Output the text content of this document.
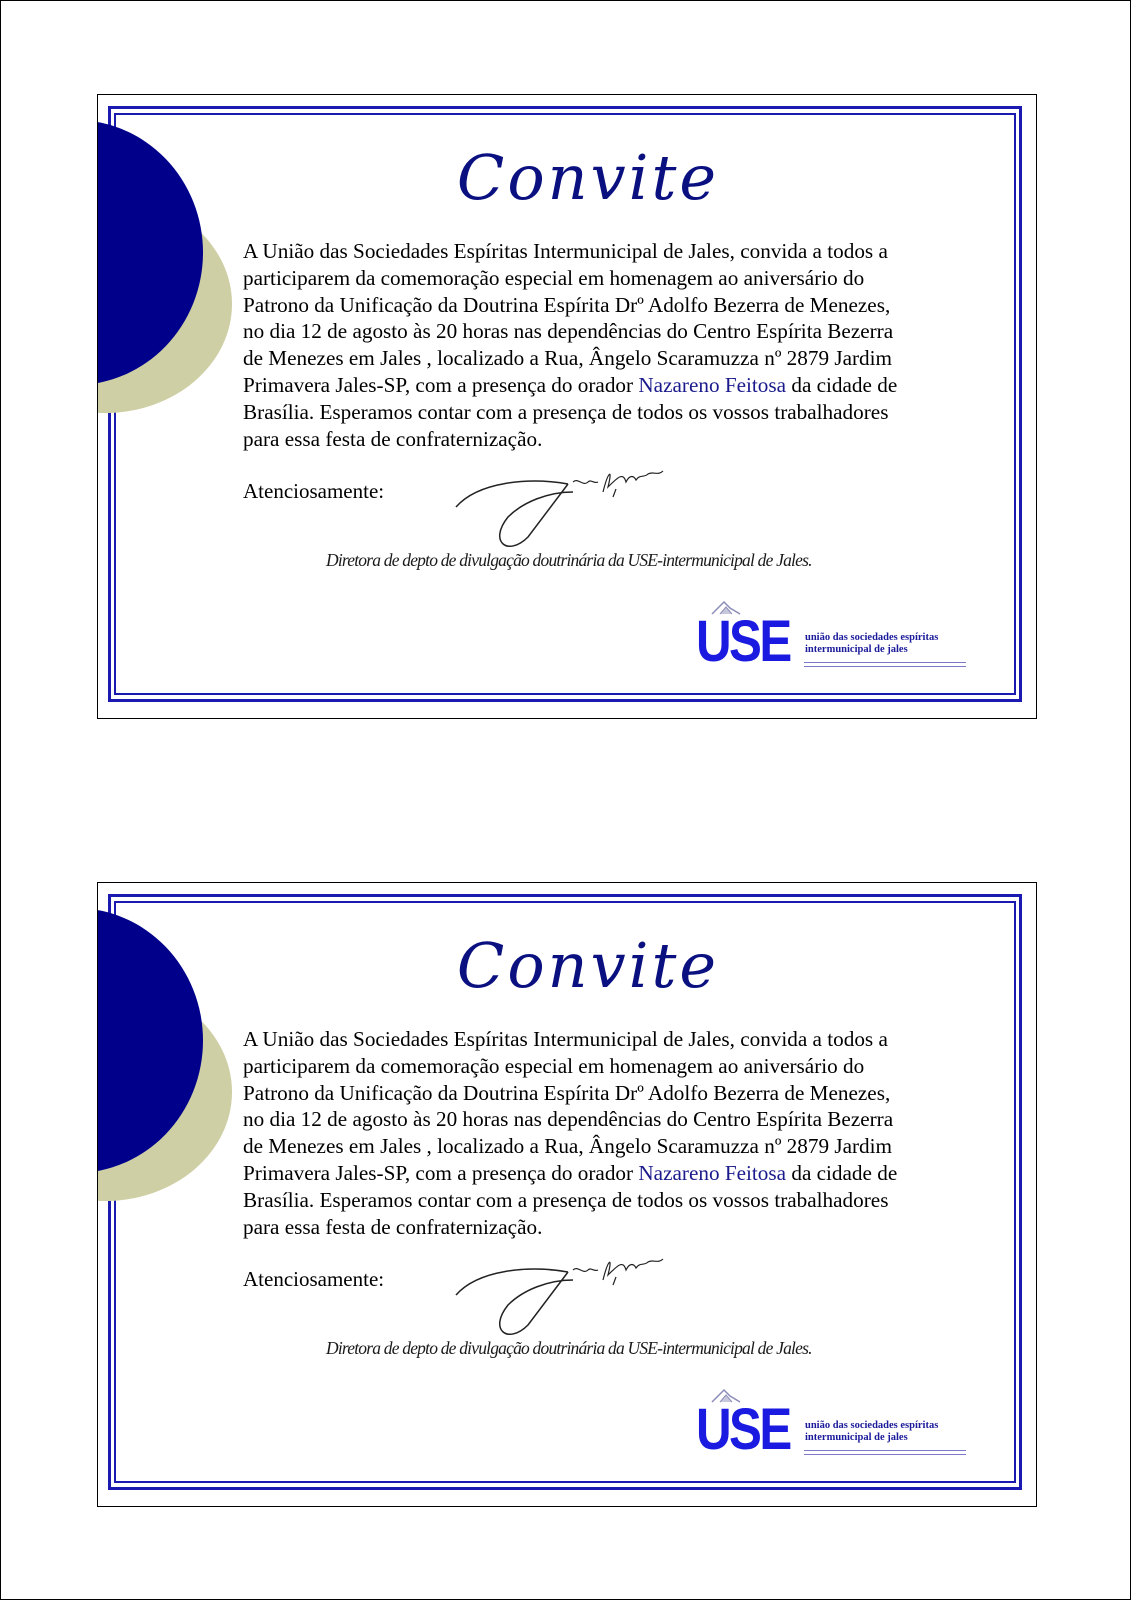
Convite
A União das Sociedades Espíritas Intermunicipal de Jales, convida a todos a
participarem da comemoração especial em homenagem ao aniversário do
Patrono da Unificação da Doutrina Espírita Drº Adolfo Bezerra de Menezes,
no dia 12 de agosto às 20 horas nas dependências do Centro Espírita Bezerra
de Menezes em Jales , localizado a Rua, Ângelo Scaramuzza nº 2879 Jardim
Primavera Jales-SP, com a presença do orador Nazareno Feitosa da cidade de
Brasília. Esperamos contar com a presença de todos os vossos trabalhadores
para essa festa de confraternização.
Atenciosamente:
Diretora de depto de divulgação doutrinária da USE-intermunicipal de Jales.
USE união das sociedades espíritas
intermunicipal de jales
Convite
A União das Sociedades Espíritas Intermunicipal de Jales, convida a todos a
participarem da comemoração especial em homenagem ao aniversário do
Patrono da Unificação da Doutrina Espírita Drº Adolfo Bezerra de Menezes,
no dia 12 de agosto às 20 horas nas dependências do Centro Espírita Bezerra
de Menezes em Jales , localizado a Rua, Ângelo Scaramuzza nº 2879 Jardim
Primavera Jales-SP, com a presença do orador Nazareno Feitosa da cidade de
Brasília. Esperamos contar com a presença de todos os vossos trabalhadores
para essa festa de confraternização.
Atenciosamente:
Diretora de depto de divulgação doutrinária da USE-intermunicipal de Jales.
USE união das sociedades espíritas
intermunicipal de jales
